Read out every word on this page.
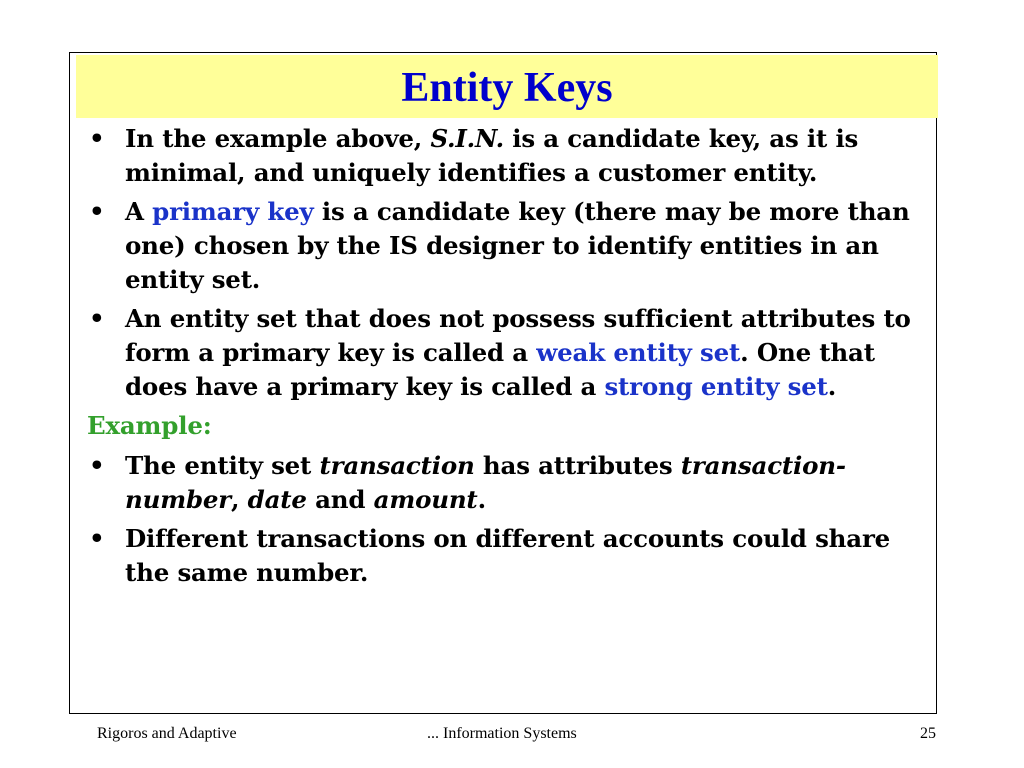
Entity Keys
• In the example above, S.I.N. is a candidate key, as it is minimal, and uniquely identifies a customer entity.
• A primary key is a candidate key (there may be more than one) chosen by the IS designer to identify entities in an entity set.
• An entity set that does not possess sufficient attributes to form a primary key is called a weak entity set. One that does have a primary key is called a strong entity set.
Example:
• The entity set transaction has attributes transaction-number, date and amount.
• Different transactions on different accounts could share the same number.
Rigoros and Adaptive	... Information Systems	25
